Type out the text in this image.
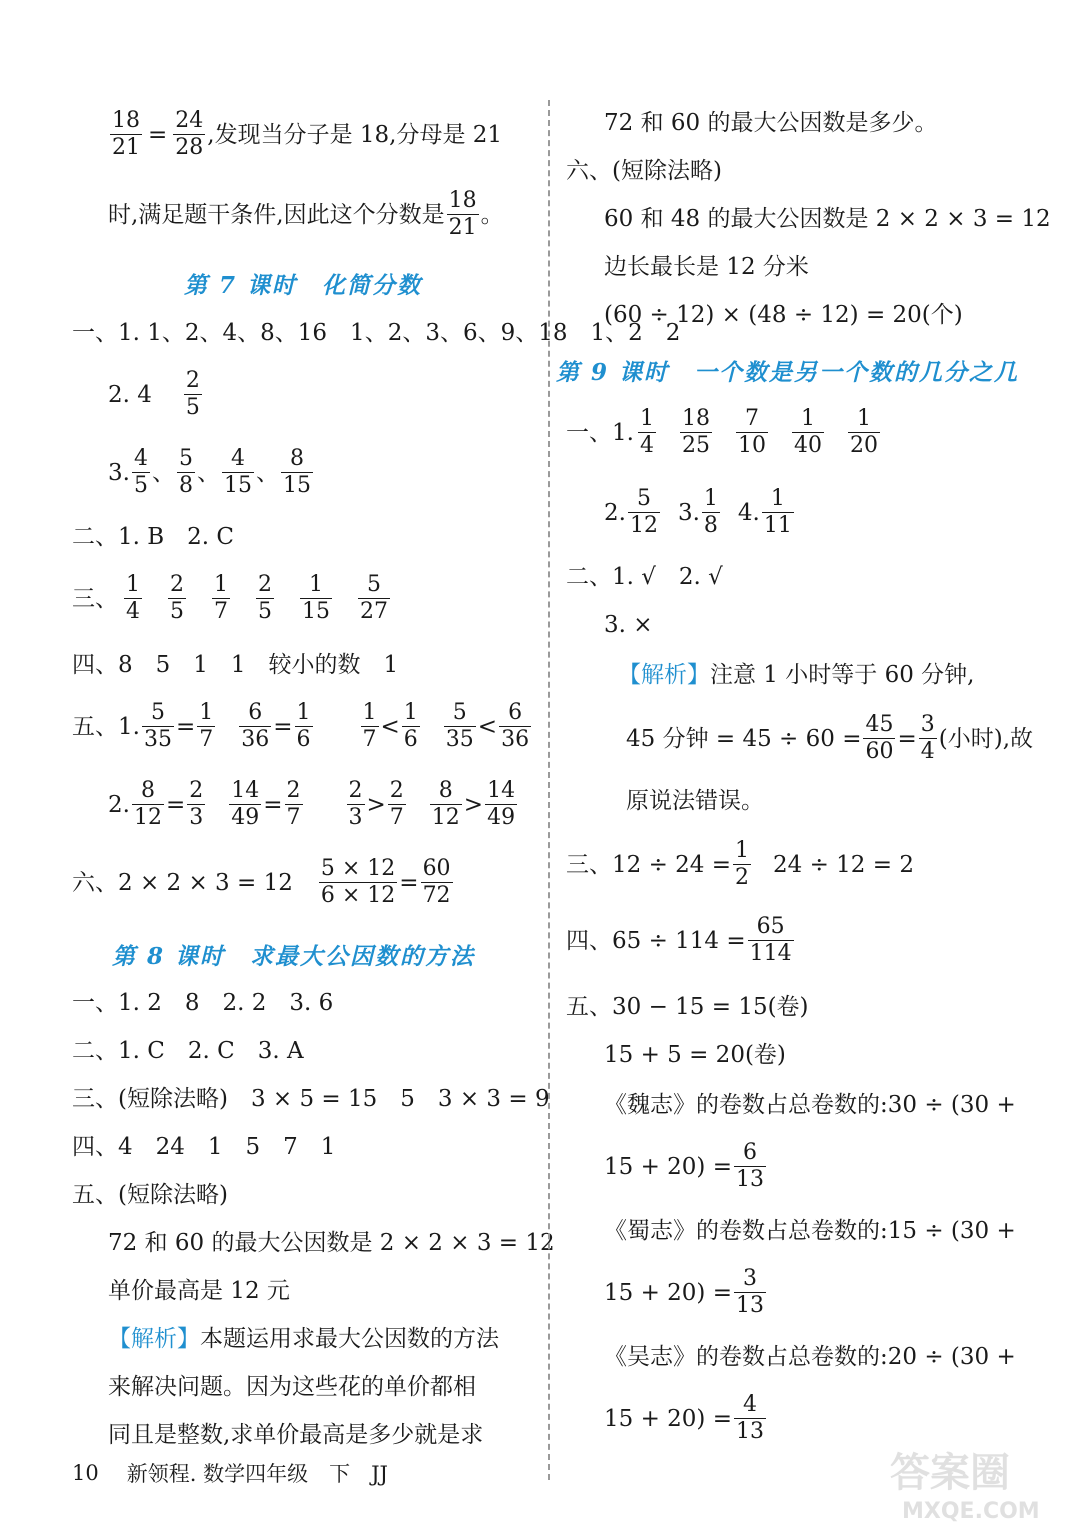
$\frac{18}{21} = \frac{24}{28}$ ,发现当分子是 18,分母是 21
时,满足题干条件,因此这个分数是 $\frac{18}{21}$ 。
第 7 课时　化简分数
一、1. 1、2、4、8、16　1、2、3、6、9、18　1、2　2
2. $4 \frac{2}{5}$
3. $\frac{4}{5}$ 、 $\frac{5}{8}$ 、 $\frac{4}{15}$ 、 $\frac{8}{15}$
二、1. B　2. C
三、 $\frac{1}{4} \frac{2}{5} \frac{1}{7} \frac{2}{5} \frac{1}{15} \frac{5}{27}$
四、8　5　1　1　较小的数　1
五、1. $\frac{5}{35} = \frac{1}{7} \frac{6}{36} = \frac{1}{6} \frac{1}{7} < \frac{1}{6} \frac{5}{35} < \frac{6}{36}$
2. $\frac{8}{12} = \frac{2}{3} \frac{14}{49} = \frac{2}{7} \frac{2}{3} > \frac{2}{7} \frac{8}{12} > \frac{14}{49}$
六、$2 \times 2 \times 3 = 12 \frac{5 \times 12}{6 \times 12} = \frac{60}{72}$
第 8 课时　求最大公因数的方法
一、1. 2　8　2. 2　3. 6
二、1. C　2. C　3. A
三、(短除法略)　3 × 5 = 15　5　3 × 3 = 9
四、4　24　1　5　7　1
五、(短除法略)
72 和 60 的最大公因数是 2 × 2 × 3 = 12
单价最高是 12 元
【解析】 本题运用求最大公因数的方法
来解决问题。因为这些花的单价都相
同且是整数,求单价最高是多少就是求
72 和 60 的最大公因数是多少。
六、(短除法略)
60 和 48 的最大公因数是 2 × 2 × 3 = 12
边长最长是 12 分米
(60 ÷ 12) × (48 ÷ 12) = 20(个)
第 9 课时　一个数是另一个数的几分之几
一、1. $\frac{1}{4} \frac{18}{25} \frac{7}{10} \frac{1}{40} \frac{1}{20}$
2. $\frac{5}{12} 3$. $\frac{1}{8} 4$. $\frac{1}{11}$
二、1. √　2. √
3. ×
【解析】 注意 1 小时等于 60 分钟,
45 分钟 = $45 \div 60 = \frac{45}{60} = \frac{3}{4}$ (小时),故
原说法错误。
三、$12 \div 24 = \frac{1}{2} 24 \div 12 = 2$
四、$65 \div 114 = \frac{65}{114}$
五、30 − 15 = 15(卷)
15 + 5 = 20(卷)
《魏志》的卷数占总卷数的:30 ÷ (30 +
$15 + 20) = \frac{6}{13}$
《蜀志》的卷数占总卷数的:15 ÷ (30 +
$15 + 20) = \frac{3}{13}$
《吴志》的卷数占总卷数的:20 ÷ (30 +
$15 + 20) = \frac{4}{13}$
10 新领程. 数学四年级　下　JJ	答案圈
MXQE.COM
